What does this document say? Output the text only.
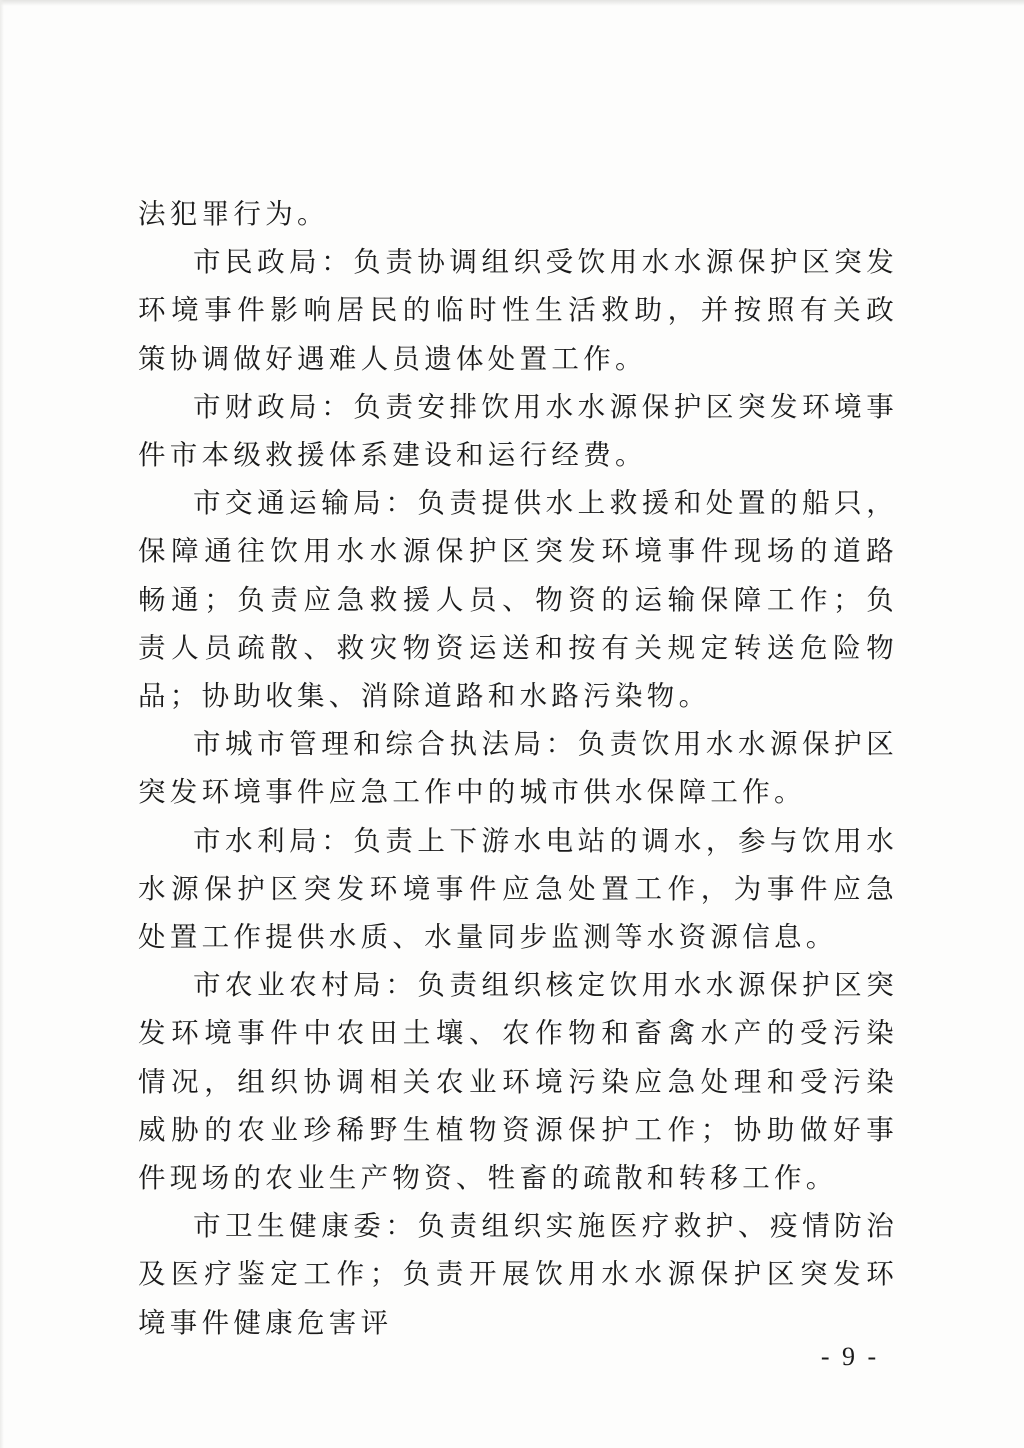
法犯罪行为。

市民政局：负责协调组织受饮用水水源保护区突发环境事件影响居民的临时性生活救助，并按照有关政策协调做好遇难人员遗体处置工作。

市财政局：负责安排饮用水水源保护区突发环境事件市本级救援体系建设和运行经费。

市交通运输局：负责提供水上救援和处置的船只，保障通往饮用水水源保护区突发环境事件现场的道路畅通；负责应急救援人员、物资的运输保障工作；负责人员疏散、救灾物资运送和按有关规定转送危险物品；协助收集、消除道路和水路污染物。

市城市管理和综合执法局：负责饮用水水源保护区突发环境事件应急工作中的城市供水保障工作。

市水利局：负责上下游水电站的调水，参与饮用水水源保护区突发环境事件应急处置工作，为事件应急处置工作提供水质、水量同步监测等水资源信息。

市农业农村局：负责组织核定饮用水水源保护区突发环境事件中农田土壤、农作物和畜禽水产的受污染情况，组织协调相关农业环境污染应急处理和受污染威胁的农业珍稀野生植物资源保护工作；协助做好事件现场的农业生产物资、牲畜的疏散和转移工作。

市卫生健康委：负责组织实施医疗救护、疫情防治及医疗鉴定工作；负责开展饮用水水源保护区突发环境事件健康危害评

- 9 -
